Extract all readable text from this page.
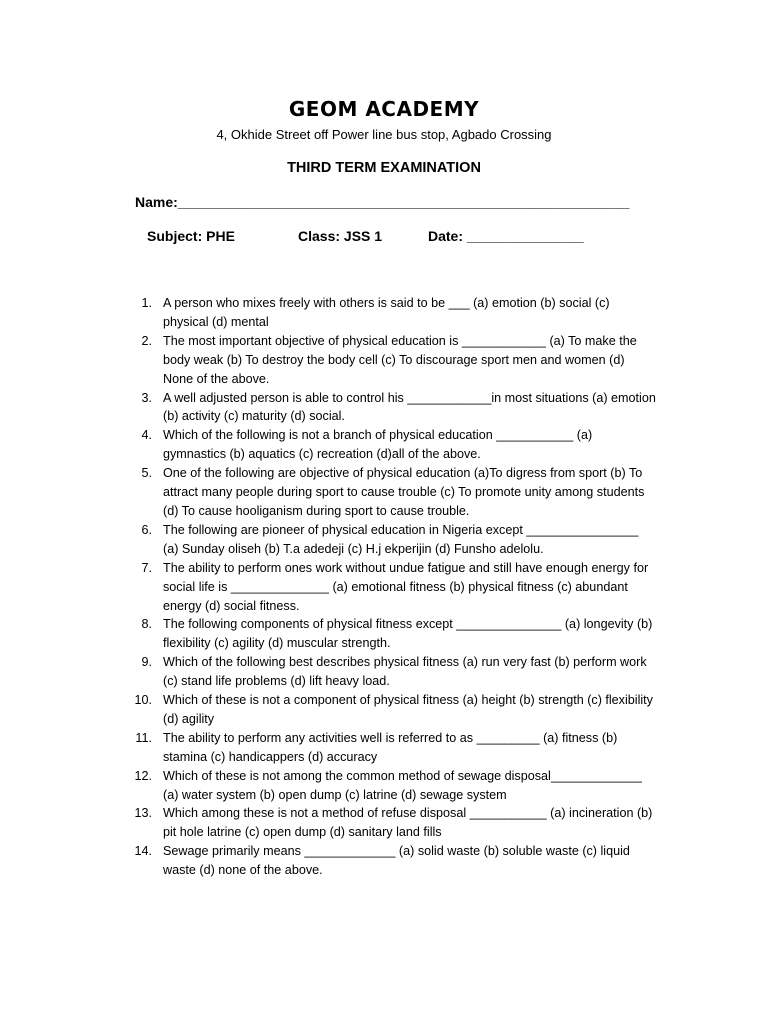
GEOM ACADEMY
4, Okhide Street off Power line bus stop, Agbado Crossing
THIRD TERM EXAMINATION
Name:__________________________________________________________
Subject: PHE	Class: JSS 1	Date: _______________
1. A person who mixes freely with others is said to be ___ (a) emotion (b) social (c) physical (d) mental
2. The most important objective of physical education is ____________ (a) To make the body weak (b) To destroy the body cell (c) To discourage sport men and women (d) None of the above.
3. A well adjusted person is able to control his ____________in most situations (a) emotion (b) activity (c) maturity (d) social.
4. Which of the following is not a branch of physical education ___________ (a) gymnastics (b) aquatics (c) recreation (d)all of the above.
5. One of the following are objective of physical education (a)To digress from sport (b) To attract many people during sport to cause trouble (c) To promote unity among students (d) To cause hooliganism during sport to cause trouble.
6. The following are pioneer of physical education in Nigeria except ________________ (a) Sunday oliseh (b) T.a adedeji (c) H.j ekperijin (d) Funsho adelolu.
7. The ability to perform ones work without undue fatigue and still have enough energy for social life is ______________ (a) emotional fitness (b) physical fitness (c) abundant energy (d) social fitness.
8. The following components of physical fitness except _______________ (a) longevity (b) flexibility (c) agility (d) muscular strength.
9. Which of the following best describes physical fitness (a) run very fast (b) perform work (c) stand life problems (d) lift heavy load.
10. Which of these is not a component of physical fitness (a) height (b) strength (c) flexibility (d) agility
11. The ability to perform any activities well is referred to as _________ (a) fitness (b) stamina (c) handicappers (d) accuracy
12. Which of these is not among the common method of sewage disposal_____________ (a) water system (b) open dump (c) latrine (d) sewage system
13. Which among these is not a method of refuse disposal ___________ (a) incineration (b) pit hole latrine (c) open dump (d) sanitary land fills
14. Sewage primarily means _____________ (a) solid waste (b) soluble waste (c) liquid waste (d) none of the above.
